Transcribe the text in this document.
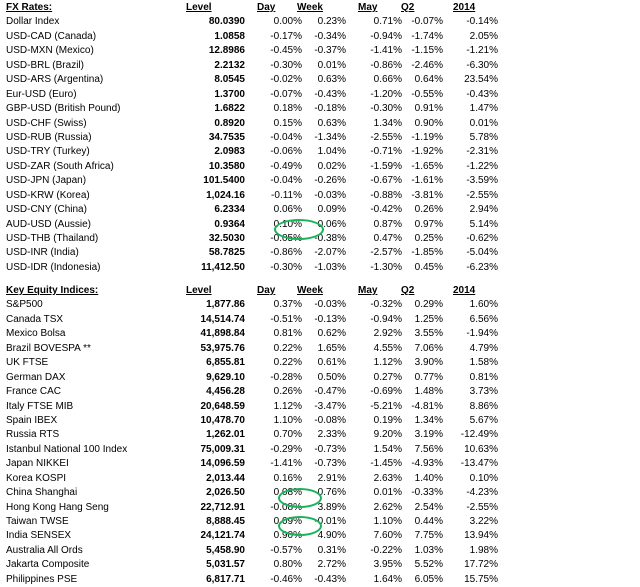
FX Rates:	Level	Day Week	May Q2	2014
Dollar Index	80.0390	0.00% 0.23%	0.71% -0.07% -0.14%
USD-CAD (Canada)	1.0858	-0.17% -0.34% -0.94% -1.74%	2.05%
USD-MXN (Mexico)	12.8986	-0.45% -0.37% -1.41% -1.15% -1.21%
USD-BRL (Brazil)	2.2132	-0.30% 0.01% -0.86% -2.46% -6.30%
USD-ARS (Argentina)	8.0545	-0.02% 0.63%	0.66% 0.64% 23.54%
Eur-USD (Euro)	1.3700	-0.07% -0.43% -1.20% -0.55% -0.43%
GBP-USD (British Pound)	1.6822	0.18% -0.18% -0.30% 0.91%	1.47%
USD-CHF (Swiss)	0.8920	0.15% 0.63%	1.34% 0.90%	0.01%
USD-RUB (Russia)	34.7535	-0.04% -1.34% -2.55% -1.19%	5.78%
USD-TRY (Turkey)	2.0983	-0.06% 1.04% -0.71% -1.92% -2.31%
USD-ZAR (South Africa)	10.3580	-0.49% 0.02% -1.59% -1.65% -1.22%
USD-JPN (Japan)	101.5400	-0.04% -0.26% -0.67% -1.61% -3.59%
USD-KRW (Korea)	1,024.16	-0.11% -0.03% -0.88% -3.81% -2.55%
USD-CNY (China)	6.2334	0.06% 0.09% -0.42% 0.26%	2.94%
AUD-USD (Aussie)	0.9364	0.10% 0.06%	0.87% 0.97%	5.14%
USD-THB (Thailand)	32.5030	-0.05% -0.38%	0.47% 0.25% -0.62%
USD-INR (India)	58.7825	-0.86% -2.07% -2.57% -1.85% -5.04%
USD-IDR (Indonesia)	11,412.50	-0.30% -1.03% -1.30% 0.45% -6.23%
Key Equity Indices:	Level	Day Week	May Q2	2014
S&P500	1,877.86	0.37% -0.03% -0.32% 0.29%	1.60%
Canada TSX	14,514.74	-0.51% -0.13% -0.94% 1.25%	6.56%
Mexico Bolsa	41,898.84	0.81% 0.62%	2.92% 3.55% -1.94%
Brazil BOVESPA **	53,975.76	0.22% 1.65%	4.55% 7.06%	4.79%
UK FTSE	6,855.81	0.22% 0.61%	1.12% 3.90%	1.58%
German DAX	9,629.10	-0.28% 0.50%	0.27% 0.77%	0.81%
France CAC	4,456.28	0.26% -0.47% -0.69% 1.48%	3.73%
Italy FTSE MIB	20,648.59	1.12% -3.47% -5.21% -4.81%	8.86%
Spain IBEX	10,478.70	1.10% -0.08%	0.19% 1.34%	5.67%
Russia RTS	1,262.01	0.70% 2.33%	9.20% 3.19% -12.49%
Istanbul National 100 Index	75,009.31	-0.29% -0.73%	1.54% 7.56% 10.63%
Japan NIKKEI	14,096.59	-1.41% -0.73% -1.45% -4.93% -13.47%
Korea KOSPI	2,013.44	0.16% 2.91%	2.63% 1.40%	0.10%
China Shanghai	2,026.50	0.08% 0.76%	0.01% -0.33% -4.23%
Hong Kong Hang Seng	22,712.91	-0.08% 3.89%	2.62% 2.54% -2.55%
Taiwan TWSE	8,888.45	0.09% -0.01%	1.10% 0.44%	3.22%
India SENSEX	24,121.74	0.90% 4.90%	7.60% 7.75% 13.94%
Australia All Ords	5,458.90	-0.57% 0.31% -0.22% 1.03%	1.98%
Jakarta Composite	5,031.57	0.80% 2.72%	3.95% 5.52% 17.72%
Philippines PSE	6,817.71	-0.46% -0.43%	1.64% 6.05% 15.75%
